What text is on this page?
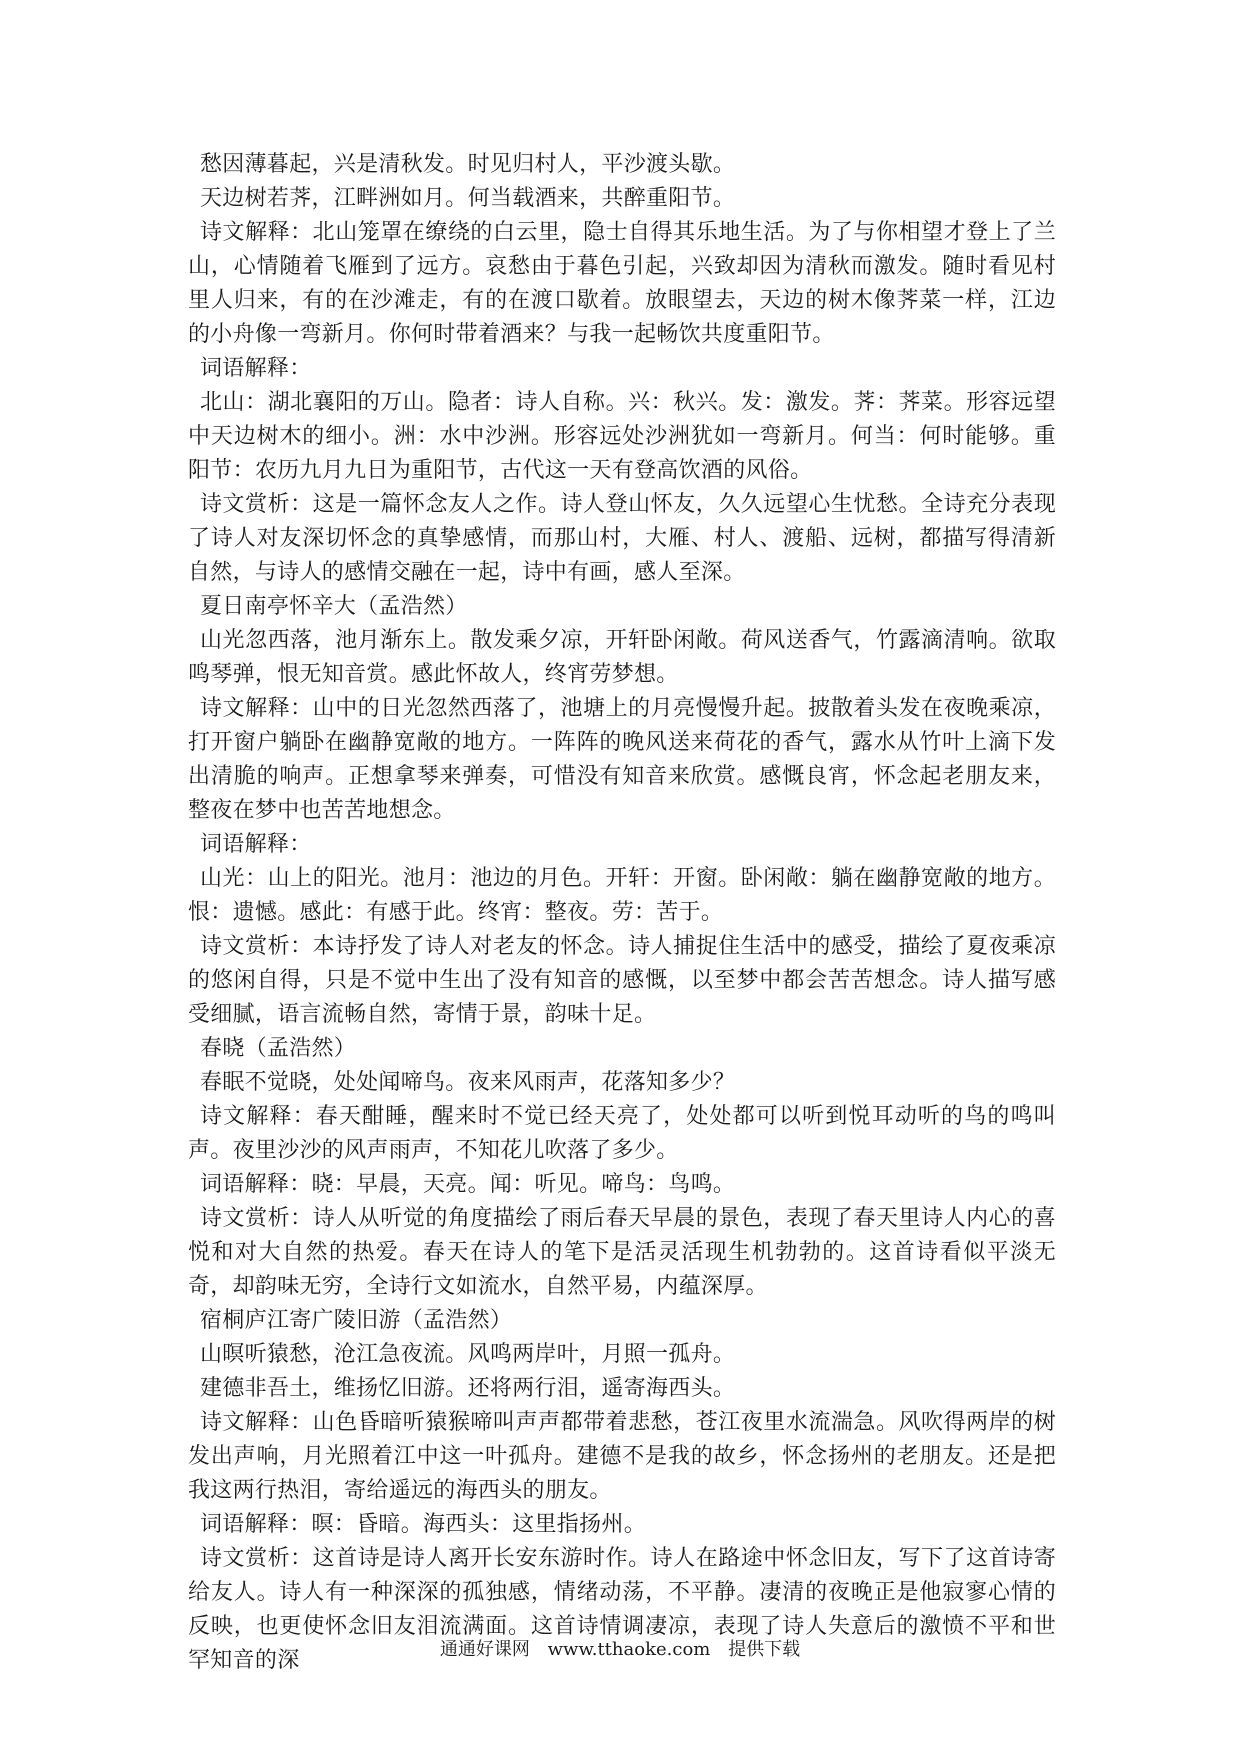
愁因薄暮起，兴是清秋发。时见归村人，平沙渡头歇。

天边树若荠，江畔洲如月。何当载酒来，共醉重阳节。

诗文解释：北山笼罩在缭绕的白云里，隐士自得其乐地生活。为了与你相望才登上了兰山，心情随着飞雁到了远方。哀愁由于暮色引起，兴致却因为清秋而激发。随时看见村里人归来，有的在沙滩走，有的在渡口歇着。放眼望去，天边的树木像荠菜一样，江边的小舟像一弯新月。你何时带着酒来？与我一起畅饮共度重阳节。

词语解释：

北山：湖北襄阳的万山。隐者：诗人自称。兴：秋兴。发：激发。荠：荠菜。形容远望中天边树木的细小。洲：水中沙洲。形容远处沙洲犹如一弯新月。何当：何时能够。重阳节：农历九月九日为重阳节，古代这一天有登高饮酒的风俗。

诗文赏析：这是一篇怀念友人之作。诗人登山怀友，久久远望心生忧愁。全诗充分表现了诗人对友深切怀念的真挚感情，而那山村，大雁、村人、渡船、远树，都描写得清新自然，与诗人的感情交融在一起，诗中有画，感人至深。

夏日南亭怀辛大（孟浩然）

山光忽西落，池月渐东上。散发乘夕凉，开轩卧闲敞。荷风送香气，竹露滴清响。欲取鸣琴弹，恨无知音赏。感此怀故人，终宵劳梦想。

诗文解释：山中的日光忽然西落了，池塘上的月亮慢慢升起。披散着头发在夜晚乘凉，打开窗户躺卧在幽静宽敞的地方。一阵阵的晚风送来荷花的香气，露水从竹叶上滴下发出清脆的响声。正想拿琴来弹奏，可惜没有知音来欣赏。感慨良宵，怀念起老朋友来，整夜在梦中也苦苦地想念。

词语解释：

山光：山上的阳光。池月：池边的月色。开轩：开窗。卧闲敞：躺在幽静宽敞的地方。恨：遗憾。感此：有感于此。终宵：整夜。劳：苦于。

诗文赏析：本诗抒发了诗人对老友的怀念。诗人捕捉住生活中的感受，描绘了夏夜乘凉的悠闲自得，只是不觉中生出了没有知音的感慨，以至梦中都会苦苦想念。诗人描写感受细腻，语言流畅自然，寄情于景，韵味十足。

春晓（孟浩然）

春眠不觉晓，处处闻啼鸟。夜来风雨声，花落知多少？

诗文解释：春天酣睡，醒来时不觉已经天亮了，处处都可以听到悦耳动听的鸟的鸣叫声。夜里沙沙的风声雨声，不知花儿吹落了多少。

词语解释：晓：早晨，天亮。闻：听见。啼鸟：鸟鸣。

诗文赏析：诗人从听觉的角度描绘了雨后春天早晨的景色，表现了春天里诗人内心的喜悦和对大自然的热爱。春天在诗人的笔下是活灵活现生机勃勃的。这首诗看似平淡无奇，却韵味无穷，全诗行文如流水，自然平易，内蕴深厚。

宿桐庐江寄广陵旧游（孟浩然）

山暝听猿愁，沧江急夜流。风鸣两岸叶，月照一孤舟。

建德非吾土，维扬忆旧游。还将两行泪，遥寄海西头。

诗文解释：山色昏暗听猿猴啼叫声声都带着悲愁，苍江夜里水流湍急。风吹得两岸的树发出声响，月光照着江中这一叶孤舟。建德不是我的故乡，怀念扬州的老朋友。还是把我这两行热泪，寄给遥远的海西头的朋友。

词语解释：暝：昏暗。海西头：这里指扬州。

诗文赏析：这首诗是诗人离开长安东游时作。诗人在路途中怀念旧友，写下了这首诗寄给友人。诗人有一种深深的孤独感，情绪动荡，不平静。凄清的夜晚正是他寂寥心情的反映，也更使怀念旧友泪流满面。这首诗情调凄凉，表现了诗人失意后的激愤不平和世罕知音的深	通通好课网 www.tthaoke.com 提供下载
